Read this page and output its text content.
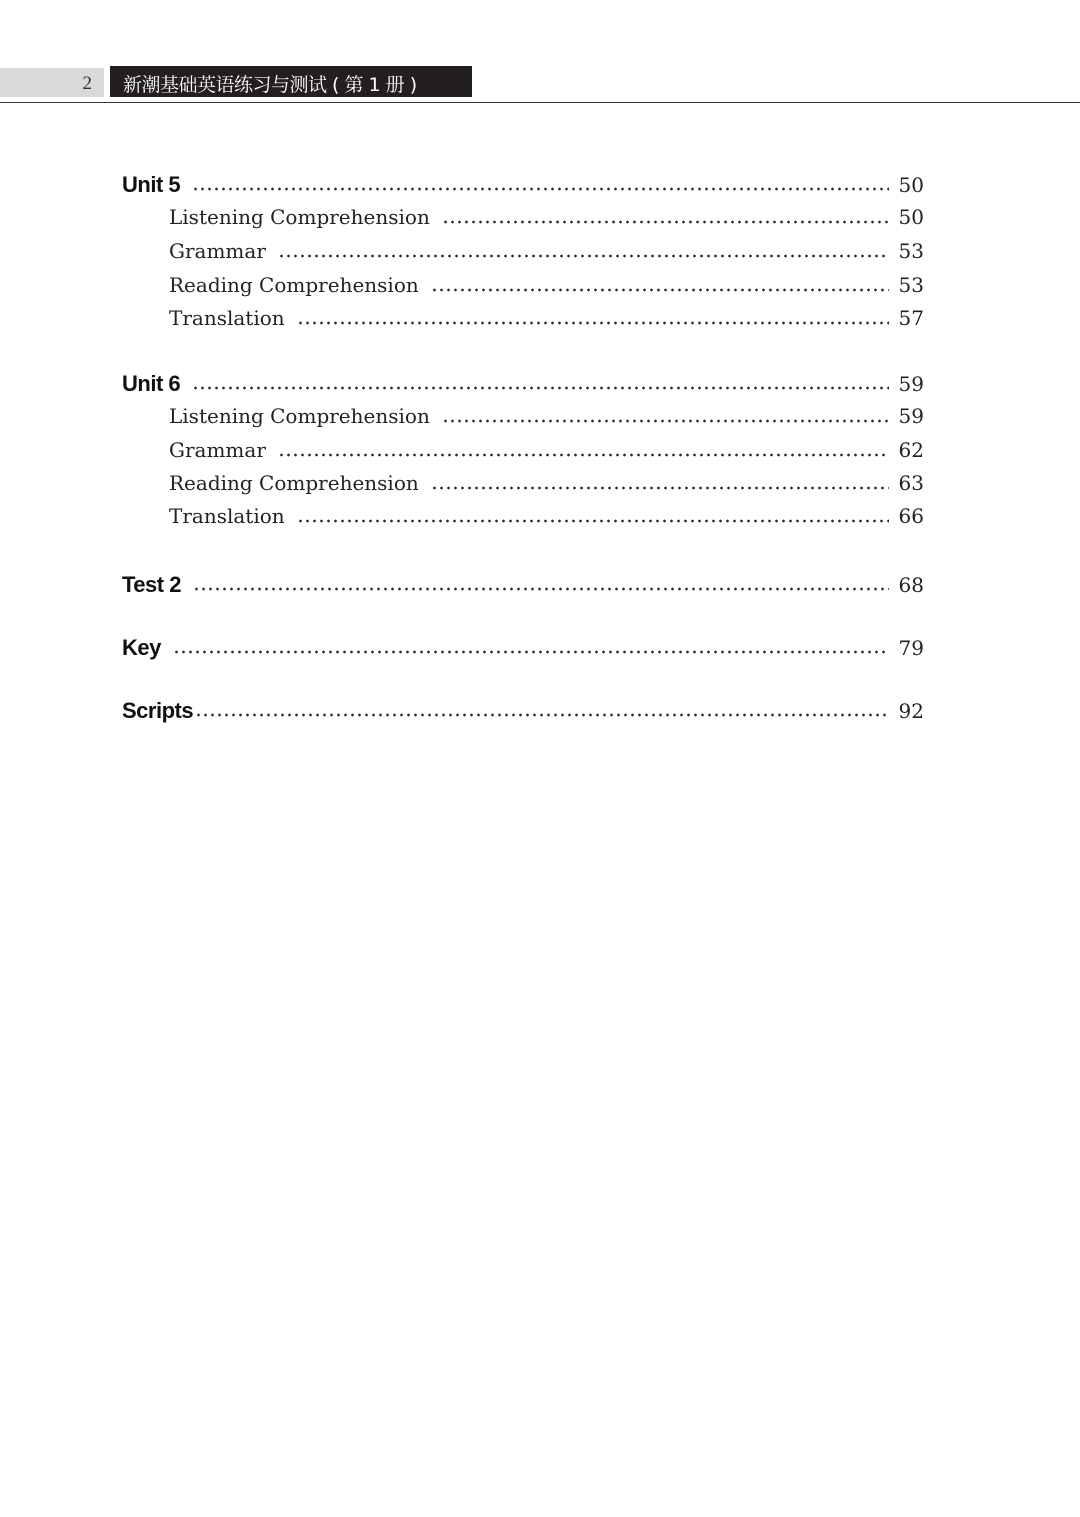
2 新潮基础英语练习与测试 ( 第 1 册 )
Unit 5	50
Listening Comprehension	50
Grammar	53
Reading Comprehension	53
Translation	57
Unit 6	59
Listening Comprehension	59
Grammar	62
Reading Comprehension	63
Translation	66
Test 2	68
Key	79
Scripts	92
